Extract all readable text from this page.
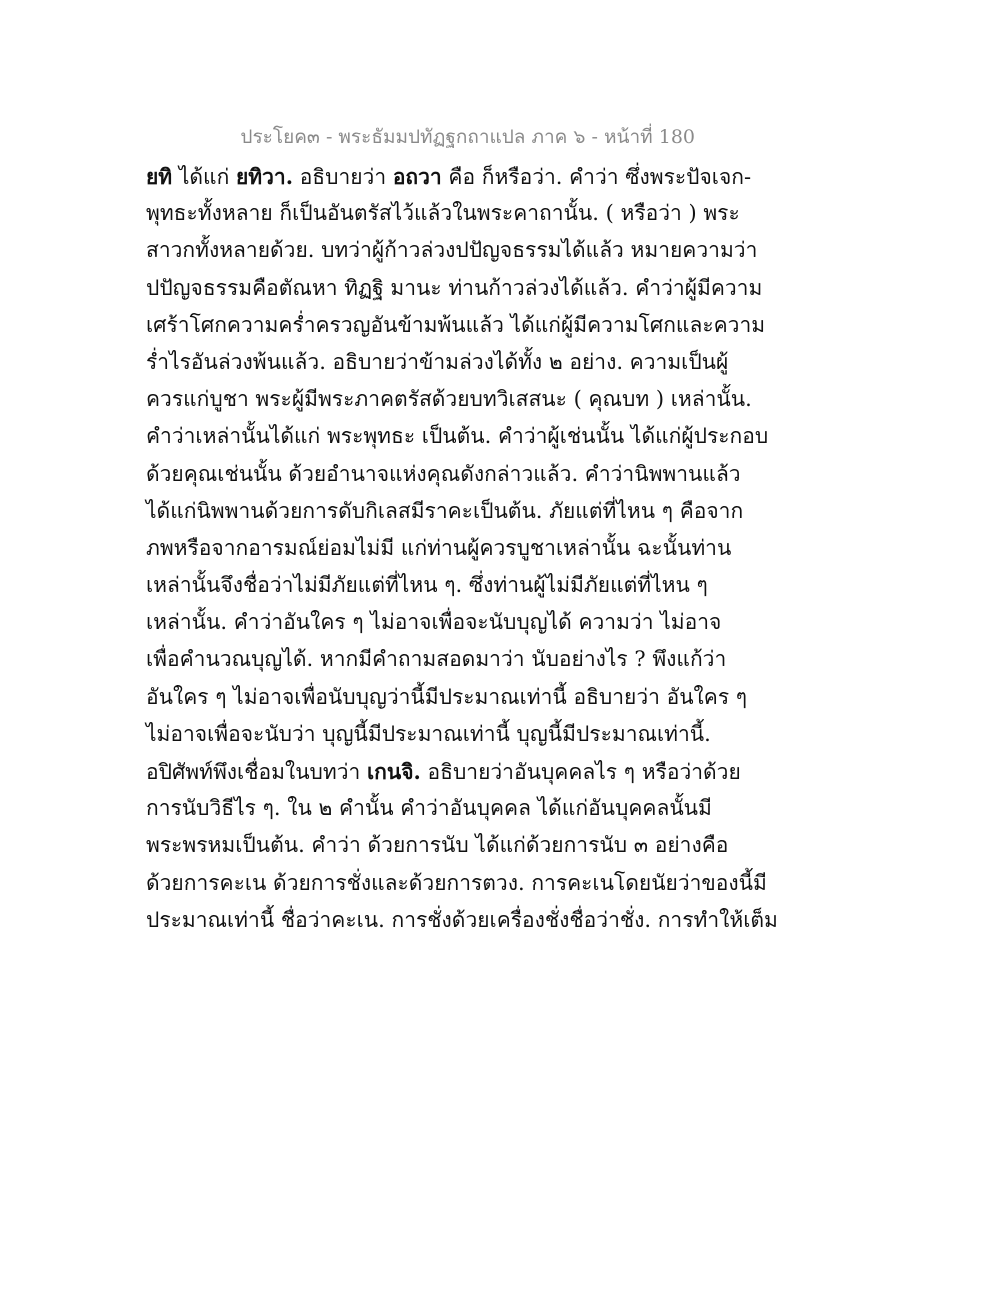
ประโยค๓ - พระธัมมปทัฏฐกถาแปล ภาค ๖ - หน้าที่ 180
ยทิ ได้แก่ ยทิวา. อธิบายว่า อถวา คือ ก็หรือว่า. คำว่า ซึ่งพระปัจเจก-
พุทธะทั้งหลาย ก็เป็นอันตรัสไว้แล้วในพระคาถานั้น. ( หรือว่า ) พระ
สาวกทั้งหลายด้วย. บทว่าผู้ก้าวล่วงปปัญจธรรมได้แล้ว หมายความว่า
ปปัญจธรรมคือตัณหา ทิฏฐิ มานะ ท่านก้าวล่วงได้แล้ว. คำว่าผู้มีความ
เศร้าโศกความคร่ำครวญอันข้ามพ้นแล้ว ได้แก่ผู้มีความโศกและความ
ร่ำไรอันล่วงพ้นแล้ว. อธิบายว่าข้ามล่วงได้ทั้ง ๒ อย่าง. ความเป็นผู้
ควรแก่บูชา พระผู้มีพระภาคตรัสด้วยบทวิเสสนะ ( คุณบท ) เหล่านั้น.
คำว่าเหล่านั้นได้แก่ พระพุทธะ เป็นต้น. คำว่าผู้เช่นนั้น ได้แก่ผู้ประกอบ
ด้วยคุณเช่นนั้น ด้วยอำนาจแห่งคุณดังกล่าวแล้ว. คำว่านิพพานแล้ว
ได้แก่นิพพานด้วยการดับกิเลสมีราคะเป็นต้น. ภัยแต่ที่ไหน ๆ คือจาก
ภพหรือจากอารมณ์ย่อมไม่มี แก่ท่านผู้ควรบูชาเหล่านั้น ฉะนั้นท่าน
เหล่านั้นจึงชื่อว่าไม่มีภัยแต่ที่ไหน ๆ. ซึ่งท่านผู้ไม่มีภัยแต่ที่ไหน ๆ
เหล่านั้น. คำว่าอันใคร ๆ ไม่อาจเพื่อจะนับบุญได้ ความว่า ไม่อาจ
เพื่อคำนวณบุญได้. หากมีคำถามสอดมาว่า นับอย่างไร ? พึงแก้ว่า
อันใคร ๆ ไม่อาจเพื่อนับบุญว่านี้มีประมาณเท่านี้ อธิบายว่า อันใคร ๆ
ไม่อาจเพื่อจะนับว่า บุญนี้มีประมาณเท่านี้ บุญนี้มีประมาณเท่านี้.
อปิศัพท์พึงเชื่อมในบทว่า เกนจิ. อธิบายว่าอันบุคคลไร ๆ หรือว่าด้วย
การนับวิธีไร ๆ. ใน ๒ คำนั้น คำว่าอันบุคคล ได้แก่อันบุคคลนั้นมี
พระพรหมเป็นต้น. คำว่า ด้วยการนับ ได้แก่ด้วยการนับ ๓ อย่างคือ
ด้วยการคะเน ด้วยการชั่งและด้วยการตวง. การคะเนโดยนัยว่าของนี้มี
ประมาณเท่านี้ ชื่อว่าคะเน. การชั่งด้วยเครื่องชั่งชื่อว่าชั่ง. การทำให้เต็ม
